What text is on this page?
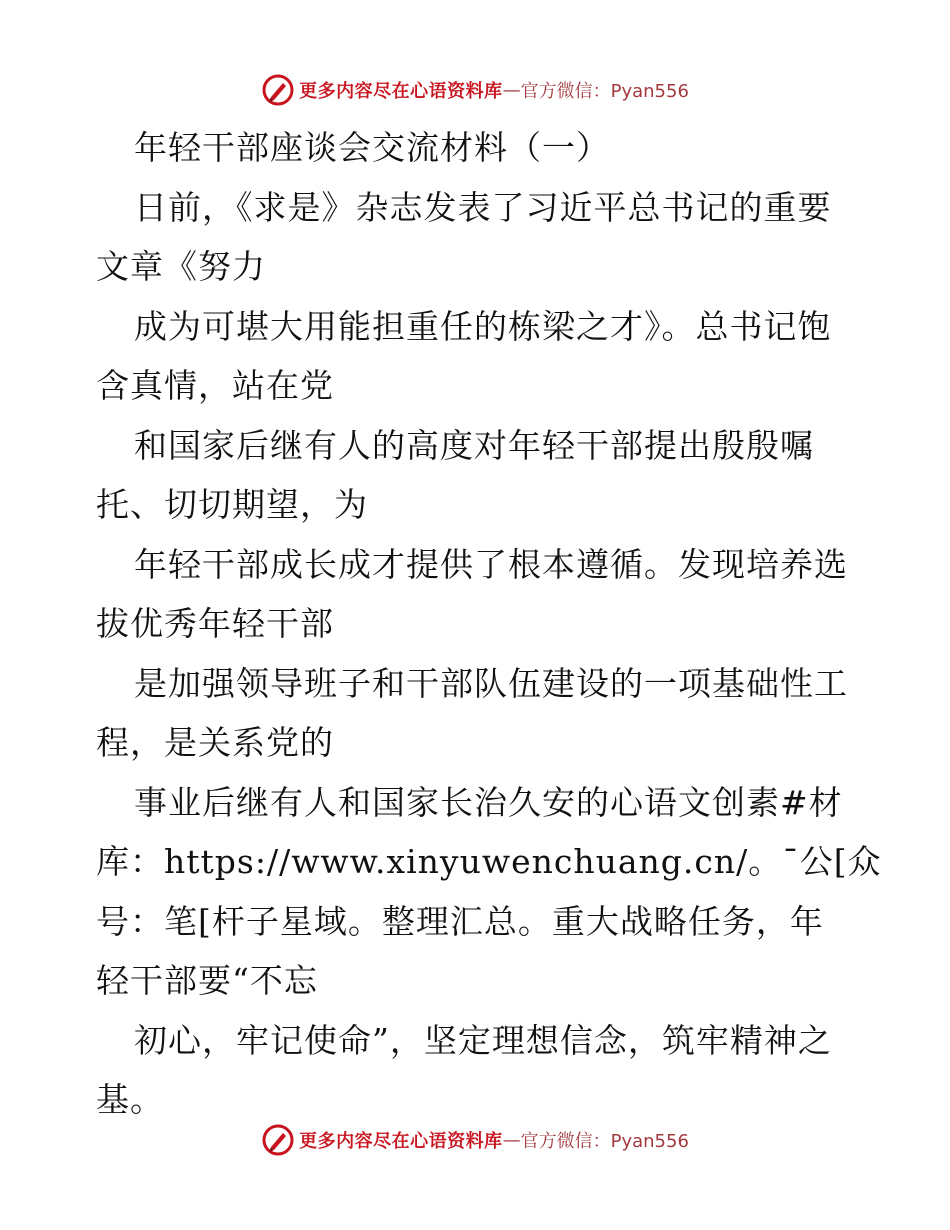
更多内容尽在心语资料库 — 官方微信：Pyan556
年轻干部座谈会交流材料（一）
日前，《求是》杂志发表了习近平总书记的重要
文章《努力
成为可堪大用能担重任的栋梁之才》。总书记饱
含真情，站在党
和国家后继有人的高度对年轻干部提出殷殷嘱
托、切切期望，为
年轻干部成长成才提供了根本遵循。发现培养选
拔优秀年轻干部
是加强领导班子和干部队伍建设的一项基础性工
程，是关系党的
事业后继有人和国家长治久安的心语文创素#材
库：https://www.xinyuwenchuang.cn/。¯公[众
号：笔[杆子星域。整理汇总。重大战略任务，年
轻干部要“不忘
初心，牢记使命”，坚定理想信念，筑牢精神之
基。
更多内容尽在心语资料库 — 官方微信：Pyan556
